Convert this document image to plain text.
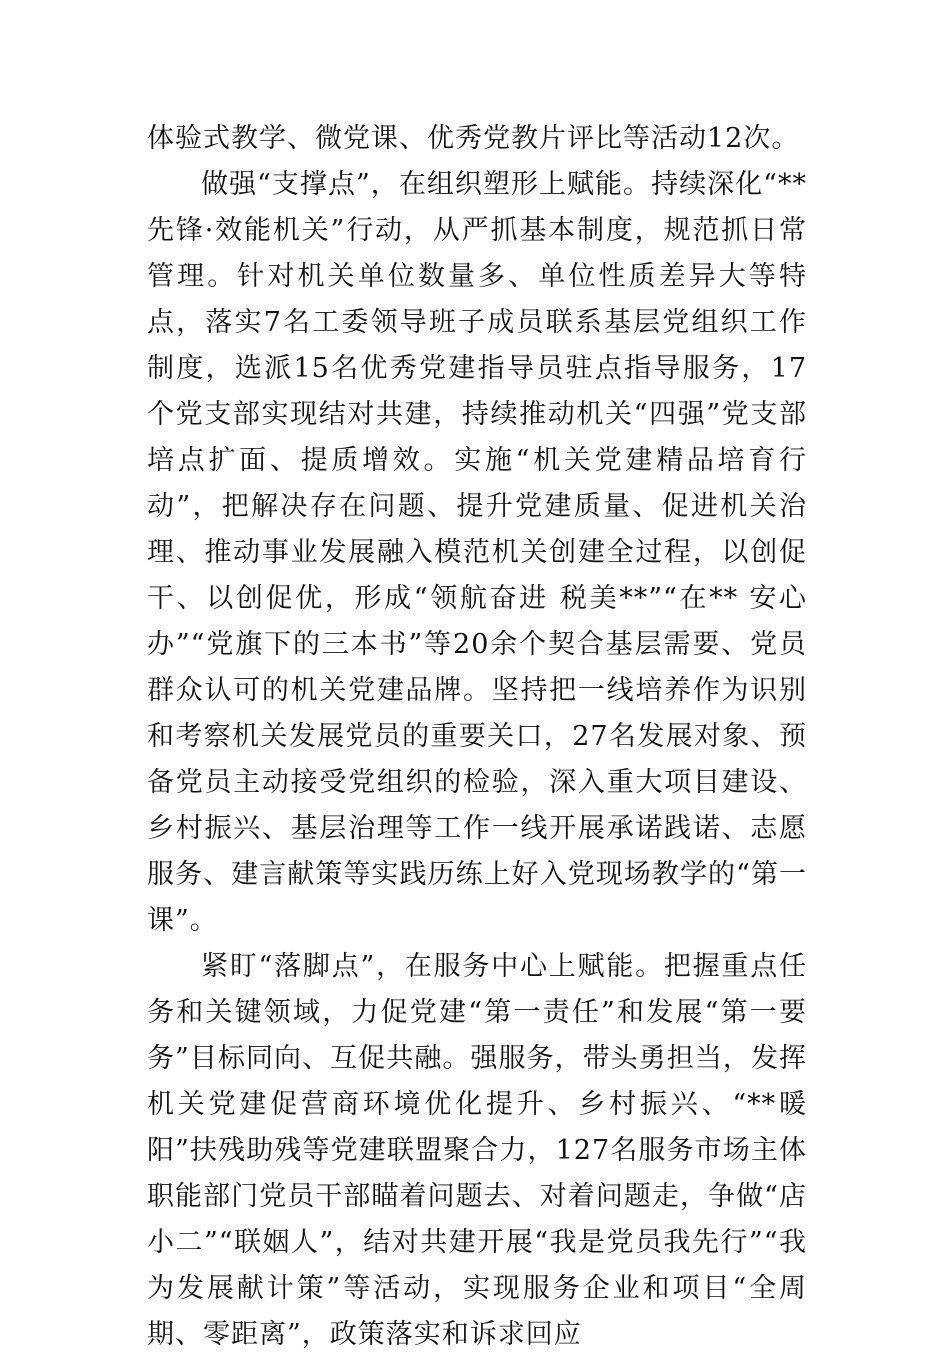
体验式教学、微党课、优秀党教片评比等活动12次。

做强“支撑点”，在组织塑形上赋能。持续深化“**先锋·效能机关”行动，从严抓基本制度，规范抓日常管理。针对机关单位数量多、单位性质差异大等特点，落实7名工委领导班子成员联系基层党组织工作制度，选派15名优秀党建指导员驻点指导服务，17个党支部实现结对共建，持续推动机关“四强”党支部培点扩面、提质增效。实施“机关党建精品培育行动”，把解决存在问题、提升党建质量、促进机关治理、推动事业发展融入模范机关创建全过程，以创促干、以创促优，形成“领航奋进 税美**”“在** 安心办”“党旗下的三本书”等20余个契合基层需要、党员群众认可的机关党建品牌。坚持把一线培养作为识别和考察机关发展党员的重要关口，27名发展对象、预备党员主动接受党组织的检验，深入重大项目建设、乡村振兴、基层治理等工作一线开展承诺践诺、志愿服务、建言献策等实践历练上好入党现场教学的“第一课”。

紧盯“落脚点”，在服务中心上赋能。把握重点任务和关键领域，力促党建“第一责任”和发展“第一要务”目标同向、互促共融。强服务，带头勇担当，发挥机关党建促营商环境优化提升、乡村振兴、“**暖阳”扶残助残等党建联盟聚合力，127名服务市场主体职能部门党员干部瞄着问题去、对着问题走，争做“店小二”“联姻人”，结对共建开展“我是党员我先行”“我为发展献计策”等活动，实现服务企业和项目“全周期、零距离”，政策落实和诉求回应
